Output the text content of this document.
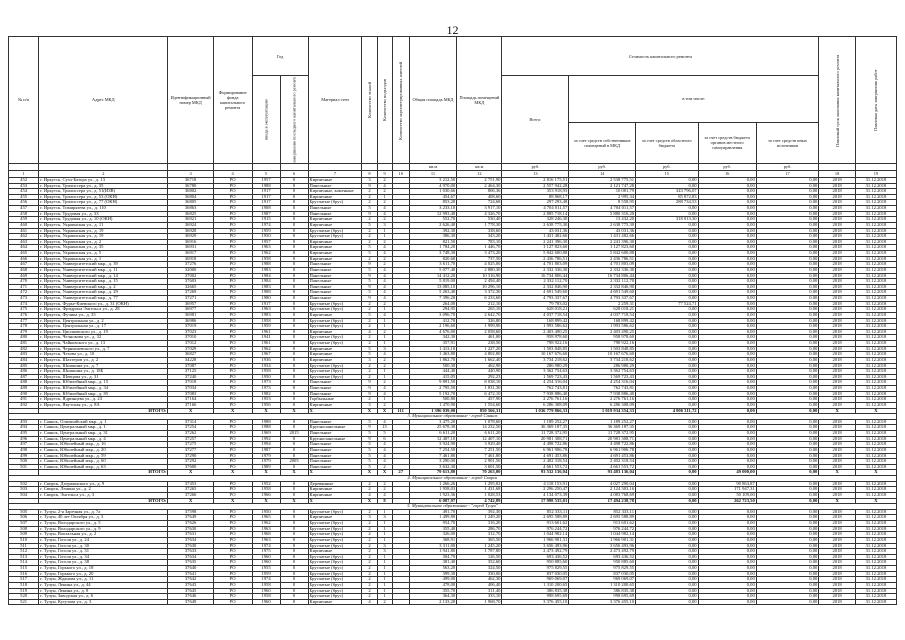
12
№ п/п	Адрес МКД	Идентификационный номер МКД	Формирование фонда капитального ремонта	Год		Материал стен	Количество этажей	Количество подъездов	Количество зарегистрированных жителей	Общая площадь МКД	Площадь помещений МКД	Стоимость капитального ремонта					Плановый срок окончания капитального ремонта	Плановая дата завершения работ
				ввода в эксплуатацию	завершения последнего капитального ремонта							Всего:	в том числе:					
													за счет средств собственников помещений в МКД	за счет средств областного бюджета	за счет средств бюджета органов местного самоуправления	за счет средств иных источников		
										кв.м	кв.м	руб.	руб.	руб.	руб.	руб.		
1	2	3	4	5	6	7	8	9	10	11	12	13	14	15	16	17	18	19
452	г. Иркутск, Сухэ-Батора ул., д. 13	36718	РО	1957	0	Кирпичные	3	2		3 212,50	2 751,90	2 816 175,51	2 538 775,51	0,00	0,00	0,00	2018	31.12.2018
453	г. Иркутск, Трилиссера ул., д. 35	36780	РО	1988	0	Панельные	9	4		4 970,00	2 464,30	2 557 942,28	2 121 747,28	0,00	0,00	0,00	2018	31.12.2018
454	г. Иркутск, Трилиссера ул., д. 51(ИЗВ)	36802	РО	1917	0	Кирпичные, каменные	2	2		1 030,66	806,36	353 918,93	10 081,79	343 796,07	0,00	0,00	2018	31.12.2018
455	г. Иркутск, Трилиссера ул., д. 53 (ОКН)	36804	РО	1917	0	Кирпичные	2	1		454,67	408,60	88 868,17	2 995,34	85 872,83	0,00	0,00	2018	31.12.2018
456	г. Иркутск, Трилиссера ул., д. 77 (ОКН)	36805	РО	1917	0	Брусчатые (брус)	2	2		853,28	724,68	297 293,48	8 558,95	288 734,53	0,00	0,00	2018	31.12.2018
457	г. Иркутск, Тимирязева ул., д. 110	36863	РО	1908	0	Панельные	5	4		3 233,10	3 917,10	4 704 011,57	4 704 011,57	0,00	0,00	0,00	2018	31.12.2018
458	г. Иркутск, Трудовая ул., д. 33	36825	РО	1987	0	Панельные	9	4		12 993,40	4 326,70	2 885 718,14	5 880 316,20	0,00	0,00	0,00	2018	31.12.2018
459	г. Иркутск, Трудовая ул., д. 10 (ОКН)	36921	РО	1915	0	Кирпичные	2	2		552,70	530,40	328 246,30	13 432,20	318 013,30	0,00	0,00	2018	31.12.2018
460	г. Иркутск, Украинская ул., д. 11	36924	РО	1974	0	Кирпичные	5	3		2 626,40	1 778,30	2 638 775,30	2 638 775,30	0,00	0,00	0,00	2018	31.12.2018
461	г. Иркутск, Украинская ул., д. 19	36928	РО	1959	0	Брусчатые (брус)	2	1		392,30	338,60	43 031,36	43 031,36	0,00	0,00	0,00	2018	31.12.2018
462	г. Иркутск, Украинская ул., д. 19	36929	РО	1950	0	Брусчатые (брус)	2	1		386,30	343,20	1 431 482,66	1 431 482,66	0,00	0,00	0,00	2018	31.12.2018
463	г. Иркутск, Украинская ул., д. 2	36916	РО	1957	0	Кирпичные	2	2		821,50	783,10	2 241 396,30	2 241 396,30	0,00	0,00	0,00	2018	31.12.2018
464	г. Иркутск, Украинская ул., д. 35	36931	РО	1963	0	Кирпичные	5	4		1 784,20	1 446,70	1 127 823,60	1 127 823,60	0,00	0,00	0,00	2018	31.12.2018
465	г. Иркутск, Украинская ул., д. 5	36917	РО	1962	0	Кирпичные	5	4		3 748,30	3 473,20	5 842 600,88	5 842 600,88	0,00	0,00	0,00	2018	31.12.2018
466	г. Иркутск, Украинская ул., д. 1	36918	РО	1958	0	Кирпичные	2	2		820,60	737,50	2 436 786,51	2 436 786,51	0,00	0,00	0,00	2018	31.12.2018
467	г. Иркутск, Университетский мкр., д. 39	37276	РО	1988	0	Панельные	9	2		3 611,70	4 025,00	4 701 803,09	4 701 803,09	0,00	0,00	0,00	2018	31.12.2018
468	г. Иркутск, Университетский мкр., д. 11	32000	РО	1983	0	Панельные	5	4		5 077,40	2 880,30	2 332 336,30	2 332 336,30	0,00	0,00	0,00	2018	31.12.2018
469	г. Иркутск, Университетский мкр., д. 14	37002	РО	1984	0	Панельные	9	4		14 412,20	10 316,90	16 734 806,44	16 734 806,44	0,00	0,00	0,00	2018	31.12.2018
470	г. Иркутск, Университетский мкр., д. 15	37603	РО	1984	0	Панельные	5	4		5 819,00	2 494,40	2 332 112,70	2 332 112,70	0,00	0,00	0,00	2018	31.12.2018
471	г. Иркутск, Университетский мкр., д. 2	32665	РО	1983	0	Панельные	9	4		13 085,10	10 296,10	2 332 846,90	2 332 846,90	0,00	0,00	0,00	2018	31.12.2018
472	г. Иркутск, Университетский мкр., д. 29	37269	РО	1988	0	Панельные	5	4		5 263,40	3 372,30	4 691 549,60	4 691 549,60	0,00	0,00	0,00	2018	31.12.2018
473	г. Иркутск, Университетский мкр., д. 77	37271	РО	1980	0	Панельные	9	4		7 396,20	6 233,60	4 793 337,67	4 793 337,67	0,00	0,00	0,00	2018	31.12.2018
474	г. Иркутск, Фурье-Киевского ул., д. 31 (ОКН)	36957	РО	1917	0	Брусчатые (брус)	2	2		264,00	212,10	79 783,02	2 259,31	77 524,71	0,00	0,00	2018	31.12.2018
475	г. Иркутск, Фридриха Энгельса ул., д. 28	36977	РО	1963	0	Брусчатые (брус)	2	1		294,95	265,10	628 018,21	628 018,21	0,00	0,00	0,00	2018	31.12.2018
476	г. Иркутск, Фучика ул., д. 35	36981	РО	1983	0	Кирпичные	5	4		3 096,70	2 642,70	4 037 718,54	4 037 718,54	0,00	0,00	0,00	2018	31.12.2018
477	г. Иркутск, Центральная ул., д. 2	36986	РО	1958	0	Брусчатые (брус)	2	1		412,70	326,80	168 899,42	168 899,42	0,00	0,00	0,00	2018	31.12.2018
478	г. Иркутск, Центральная ул., д. 17	37019	РО	1959	0	Брусчатые (брус)	2	1		2 196,60	1 999,90	1 993 586,62	1 993 586,62	0,00	0,00	0,00	2018	31.12.2018
479	г. Иркутск, Циолковского ул., д. 19	37023	РО	1961	0	Кирпичные	4	2		4 676,00	2 058,60	2 403 490,25	2 403 490,25	0,00	0,00	0,00	2018	31.12.2018
480	г. Иркутск, Челнокова ул., д. 32	37010	РО	1941	0	Брусчатые (брус)	2	1		342,30	461,00	958 978,60	958 978,60	0,00	0,00	0,00	2018	31.12.2018
481	г. Иркутск, Чайковского ул., д. 13	37012	РО	1961	0	Брусчатые (брус)	2	1		357,91	238,50	798 922,16	798 922,16	0,00	0,00	0,00	2018	31.12.2018
482	г. Иркутск, Чернышевского ул., д. 7	37029	РО	1962	0	Кирпичные	5	3		1 413,10	1 227,20	1 503 848,85	1 503 848,85	0,00	0,00	0,00	2018	31.12.2018
483	г. Иркутск, Чехова ул., д. 10	36827	РО	1967	0	Кирпичные	5	4		1 463,80	4 802,80	10 167 676,60	10 167 676,60	0,00	0,00	0,00	2018	31.12.2018
484	г. Иркутск, Шахтеров ул., д. 2	34228	РО	1936	0	Кирпичные	3	2		1 862,70	1 662,40	3 734 218,62	3 734 218,62	0,00	0,00	0,00	2018	31.12.2018
485	г. Иркутск, Шишкина ул., д. 7	37087	РО	1934	0	Брусчатые (брус)	2	2		500,30	462,90	286 980,29	286 980,29	0,00	0,00	0,00	2018	31.12.2018
486	г. Иркутск, Шишкина ул., д. 18Б	37125	РО	1958	0	Брусчатые (брус)	2	1		444,40	440,90	3 362 754,63	3 362 754,63	0,00	0,00	0,00	2018	31.12.2018
487	г. Иркутск, Шевцова ул., д. 31	37240	РО	1950	0	Брусчатые (брус)	2	1		415,05	292,23	1 569 723,43	1 569 723,43	0,00	0,00	0,00	2018	31.12.2018
488	г. Иркутск, Юбилейный мкр., д. 15	37018	РО	1973	0	Панельные	9	2		9 891,50	8 038,10	4 254 316,04	4 254 316,04	0,00	0,00	0,00	2018	31.12.2018
489	г. Иркутск, Юбилейный мкр., д. 34	37034	РО	1973	0	Панельные	9	4		2 795,50	1 831,30	762 743,81	762 743,81	0,00	0,00	0,00	2018	31.12.2018
490	г. Иркутск, Юбилейный мкр., д. 85	37083	РО	1982	0	Панельные	9	4		5 192,70	6 472,10	7 938 886,40	7 938 886,40	0,00	0,00	0,00	2018	31.12.2018
491	г. Иркутск, Ядринцева ул., д. 23	37164	РО	1953	0	Горбыльные	2	1		500,80	457,90	2 276 761,16	2 276 761,16	0,00	0,00	0,00	2018	31.12.2018
492	г. Иркутск, Якутская ул., д. 8А	37166	РО	1956	0	Кирпичные	3	2		1 470,90	1 554,60	6 286 308,09	6 286 308,09	0,00	0,00	0,00	2018	31.12.2018
	ИТОГО:	X	X	X	X	X	X	X	111	1 396 039,00	850 566,31	1 036 779 866,33	1 019 934 354,33	4 806 311,72	0,00	0,00	X	X
3. Муниципальное образование - город Саянск																		
493	г. Саянск, Олимпийский мкр., д. 1	37314	РО	1988	0	Панельные	5	4		3 475,20	1 078,60	1 189 252,27	1 189 252,27	0,00	0,00	0,00	2018	31.12.2018
494	г. Саянск, Центральный мкр., д. 1	37254	РО	1988	0	Крупнопанельные	9	15		25 678,30	14 232,50	36 369 187,35	36 369 187,35	0,00	0,00	0,00	2018	31.12.2018
495	г. Саянск, Центральный мкр., д. 31	37262	РО	1969	2015	Панельные	5	5		6 611,20	6 611,20	11 728 372,95	11 728 372,95	0,00	0,00	0,00	2018	31.12.2018
496	г. Саянск, Центральный мкр., д. 4	37257	РО	1992	0	Крупнопанельные	9	6		12 407,10	12 407,10	20 981 308,71	20 981 308,71	0,00	0,00	0,00	2018	31.12.2018
497	г. Саянск, Юбилейный мкр., д. 16	37275	РО	1994	0	Панельные	5	4		3 924,90	3 929,40	4 498 722,86	4 498 722,86	0,00	0,00	0,00	2018	31.12.2018
498	г. Саянск, Юбилейный мкр., д. 20	37277	РО	1987	0	Панельные	5	4		7 254,50	7 251,50	6 961 906,78	6 961 906,78	0,00	0,00	0,00	2018	31.12.2018
499	г. Саянск, Юбилейный мкр., д. 59	37290	РО	1979	0	Панельные	5	4		7 461,80	7 461,80	4 691 453,86	4 691 453,86	0,00	0,00	0,00	2018	31.12.2018
500	г. Саянск, Юбилейный мкр., д. 60	37292	РО	1979	2005	Панельные	5	4		3 290,00	2 901,50	2 402 318,54	2 402 318,54	0,00	0,00	0,00	2018	31.12.2018
501	г. Саянск, Юбилейный мкр., д. 63	37600	РО	1989	0	Панельные	5	2		3 632,30	3 601,50	4 661 553,72	4 661 553,72	0,00	0,00	0,00	2018	31.12.2018
	ИТОГО:	X	X	X	X	X	X	X	27	79 613,80	70 263,00	93 532 136,04	93 483 136,04	0,00	49 000,00	0,00	X	X
4. Муниципальное образование - город Свирск																		
502	г. Свирск, Дзержинского ул., д. 9	37453	РО	1952	0	Деревянные	2	2		1 266,26	1 295,82	4 118 153,91	4 027 290,04	0,00	90 863,87	0,00	2018	31.12.2018
503	г. Свирск, Ленина ул., д. 2	37265	РО	1958	0	Кирпичные	2	2		1 958,03	1 431,68	2 296 250,47	2 124 303,16	0,00	171 947,31	0,00	2018	31.12.2018
504	г. Свирск, Энгельса ул., д. 3	37266	РО	1966	0	Кирпичные	4	4		1 923,36	1 028,53	4 134 073,39	4 083 768,69	0,00	50 109,00	0,00	2018	31.12.2018
	ИТОГО:	X	X	X	X	X	X	8		6 087,97	4 742,89	17 998 535,01	17 494 238,78	0,00	262 723,50	0,00	X	X
5. Муниципальное образование - "город Тулун"																		
505	г. Тулун, 2-я Заречная ул., д. 7а	37598	РО	1950	0	Брусчатые (брус)	2	1		491,70	392,30	852 333,11	852 333,11	0,00	0,00	0,00	2018	31.12.2018
506	г. Тулун, 40 лет Октября ул., д. 3	37649	РО	1965	0	Кирпичные	3	3		1 499,80	1 249,20	2 695 588,89	2 695 588,89	0,00	0,00	0,00	2018	31.12.2018
507	г. Тулун, Володарского ул., д. 5	37626	РО	1962	0	Брусчатые (брус)	2	1		954,70	316,20	913 601,62	913 601,62	0,00	0,00	0,00	2018	31.12.2018
508	г. Тулун, Володарского ул., д. 9	37630	РО	1963	0	Брусчатые (брус)	2	1		355,40	286,70	976 244,72	976 244,72	0,00	0,00	0,00	2018	31.12.2018
509	г. Тулун, Вокзальная ул., д. 2	37631	РО	1968	0	Брусчатые (брус)	2	1		326,00	312,70	1 044 982,14	1 044 982,14	0,00	0,00	0,00	2018	31.12.2018
510	г. Тулун, Гоголя ул., д. 24	37634	РО	1963	0	Брусчатые (брус)	2	1		368,91	365,50	1 966 901,31	1 966 901,31	0,00	0,00	0,00	2018	31.12.2018
511	г. Тулун, Гоголя ул., д. 30	37630	РО	1974	0	Брусчатые (брус)	2	3		3 311,00	1 245,20	3 656 493,96	3 656 493,96	0,00	0,00	0,00	2018	31.12.2018
512	г. Тулун, Гоголя ул., д. 31	37633	РО	1975	0	Кирпичные	2	3		1 941,80	1 787,80	2 473 492,79	2 473 492,79	0,00	0,00	0,00	2018	31.12.2018
513	г. Тулун, Гоголя ул., д. 34	37634	РО	1960	0	Брусчатые (брус)	2	1		304,70	126,50	693 436,52	693 436,52	0,00	0,00	0,00	2018	31.12.2018
514	г. Тулун, Гоголя ул., д. 38	37635	РО	1960	0	Брусчатые (брус)	2	1		381,40	352,60	950 885,60	950 885,60	0,00	0,00	0,00	2018	31.12.2018
515	г. Тулун, Горького ул., д. 18	37640	РО	1955	0	Брусчатые (брус)	2	1		563,20	324,50	975 829,55	975 829,55	0,00	0,00	0,00	2018	31.12.2018
516	г. Тулун, Горького ул., д. 20	37641	РО	1959	0	Брусчатые (брус)	2	1		399,30	330,00	837 030,05	837 030,05	0,00	0,00	0,00	2018	31.12.2018
517	г. Тулун, Жданова ул., д. 11	37642	РО	1974	0	Брусчатые (брус)	2	1		499,00	462,30	969 069,07	969 069,07	0,00	0,00	0,00	2018	31.12.2018
518	г. Тулун, Ленина ул., д. 44	37643	РО	1958	0	Брусчатые (брус)	2	1		478,00	406,40	1 310 200,65	1 310 200,65	0,00	0,00	0,00	2018	31.12.2018
519	г. Тулун, Ленина ул., д. 8	37645	РО	1960	0	Брусчатые (брус)	2	1		355,70	311,40	386 835,38	386 835,38	0,00	0,00	0,00	2018	31.12.2018
520	г. Тулун, Заводская ул., д. 6	37646	РО	1958	0	Брусчатые (брус)	2	1		364,30	333,10	998 695,69	998 695,69	0,00	0,00	0,00	2018	31.12.2018
521	г. Тулун, Кутузова ул., д. 3	37649	РО	1960	0	Кирпичные	4	2		2 133,20	1 968,70	3 376 455,10	3 376 455,10	0,00	0,00	0,00	2018	31.12.2018
